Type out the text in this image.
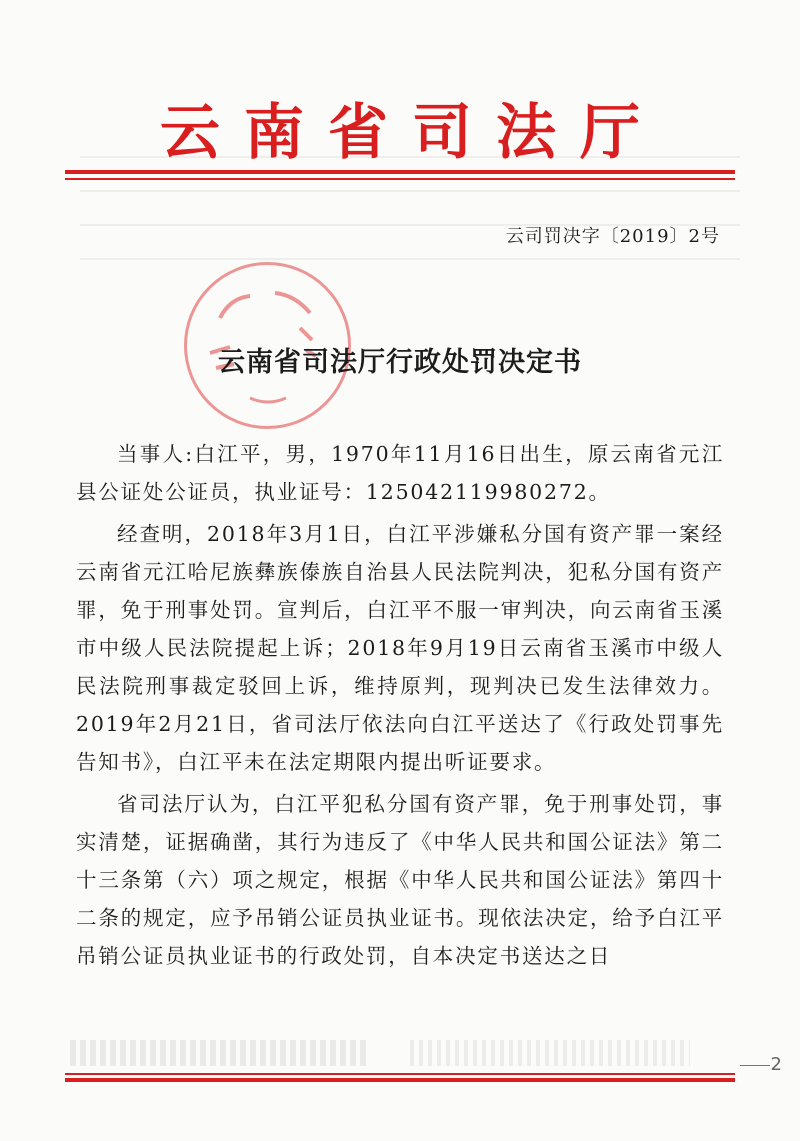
云南省司法厅
云司罚决字〔2019〕2号
云南省司法厅行政处罚决定书

当事人:白江平，男，1970年11月16日出生，原云南省元江县公证处公证员，执业证号：125042119980272。

经查明，2018年3月1日，白江平涉嫌私分国有资产罪一案经云南省元江哈尼族彝族傣族自治县人民法院判决，犯私分国有资产罪，免于刑事处罚。宣判后，白江平不服一审判决，向云南省玉溪市中级人民法院提起上诉；2018年9月19日云南省玉溪市中级人民法院刑事裁定驳回上诉，维持原判，现判决已发生法律效力。2019年2月21日，省司法厅依法向白江平送达了《行政处罚事先告知书》，白江平未在法定期限内提出听证要求。

省司法厅认为，白江平犯私分国有资产罪，免于刑事处罚，事实清楚，证据确凿，其行为违反了《中华人民共和国公证法》第二十三条第（六）项之规定，根据《中华人民共和国公证法》第四十二条的规定，应予吊销公证员执业证书。现依法决定，给予白江平吊销公证员执业证书的行政处罚，自本决定书送达之日

2
